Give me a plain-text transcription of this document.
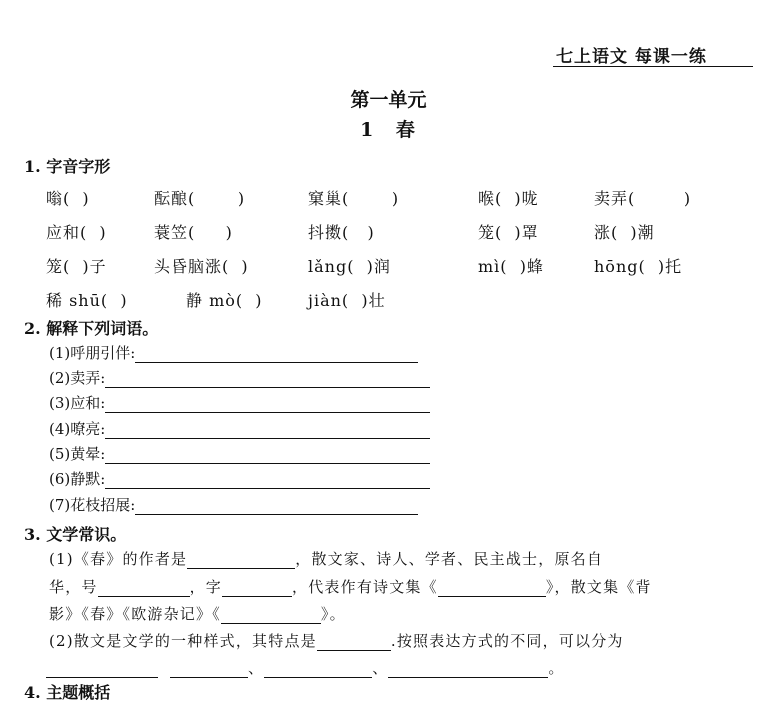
七上语文 每课一练
第一单元
1 春
1. 字音字形
嗡(  )	酝酿(       )	窠巢(       )	喉(  )咙	卖弄(        )
应和(  )	蓑笠(     )	抖擞(   )	笼(  )罩	涨(  )潮
笼(  )子	头昏脑涨(  )	lǎng(  )润	mì(  )蜂	hōng(  )托
稀 shū(  )	静 mò(  )	jiàn(  )壮
2. 解释下列词语。
(1)呼朋引伴:
(2)卖弄:
(3)应和:
(4)嘹亮:
(5)黄晕:
(6)静默:
(7)花枝招展:
3. 文学常识。
(1)《春》的作者是	，散文家、诗人、学者、民主战士，原名自
华，号	，字	，代表作有诗文集《	》，散文集《背
影》《春》《欧游杂记》《	》。
(2)散文是文学的一种样式，其特点是	.按照表达方式的不同，可以分为
、	、	。
4. 主题概括
